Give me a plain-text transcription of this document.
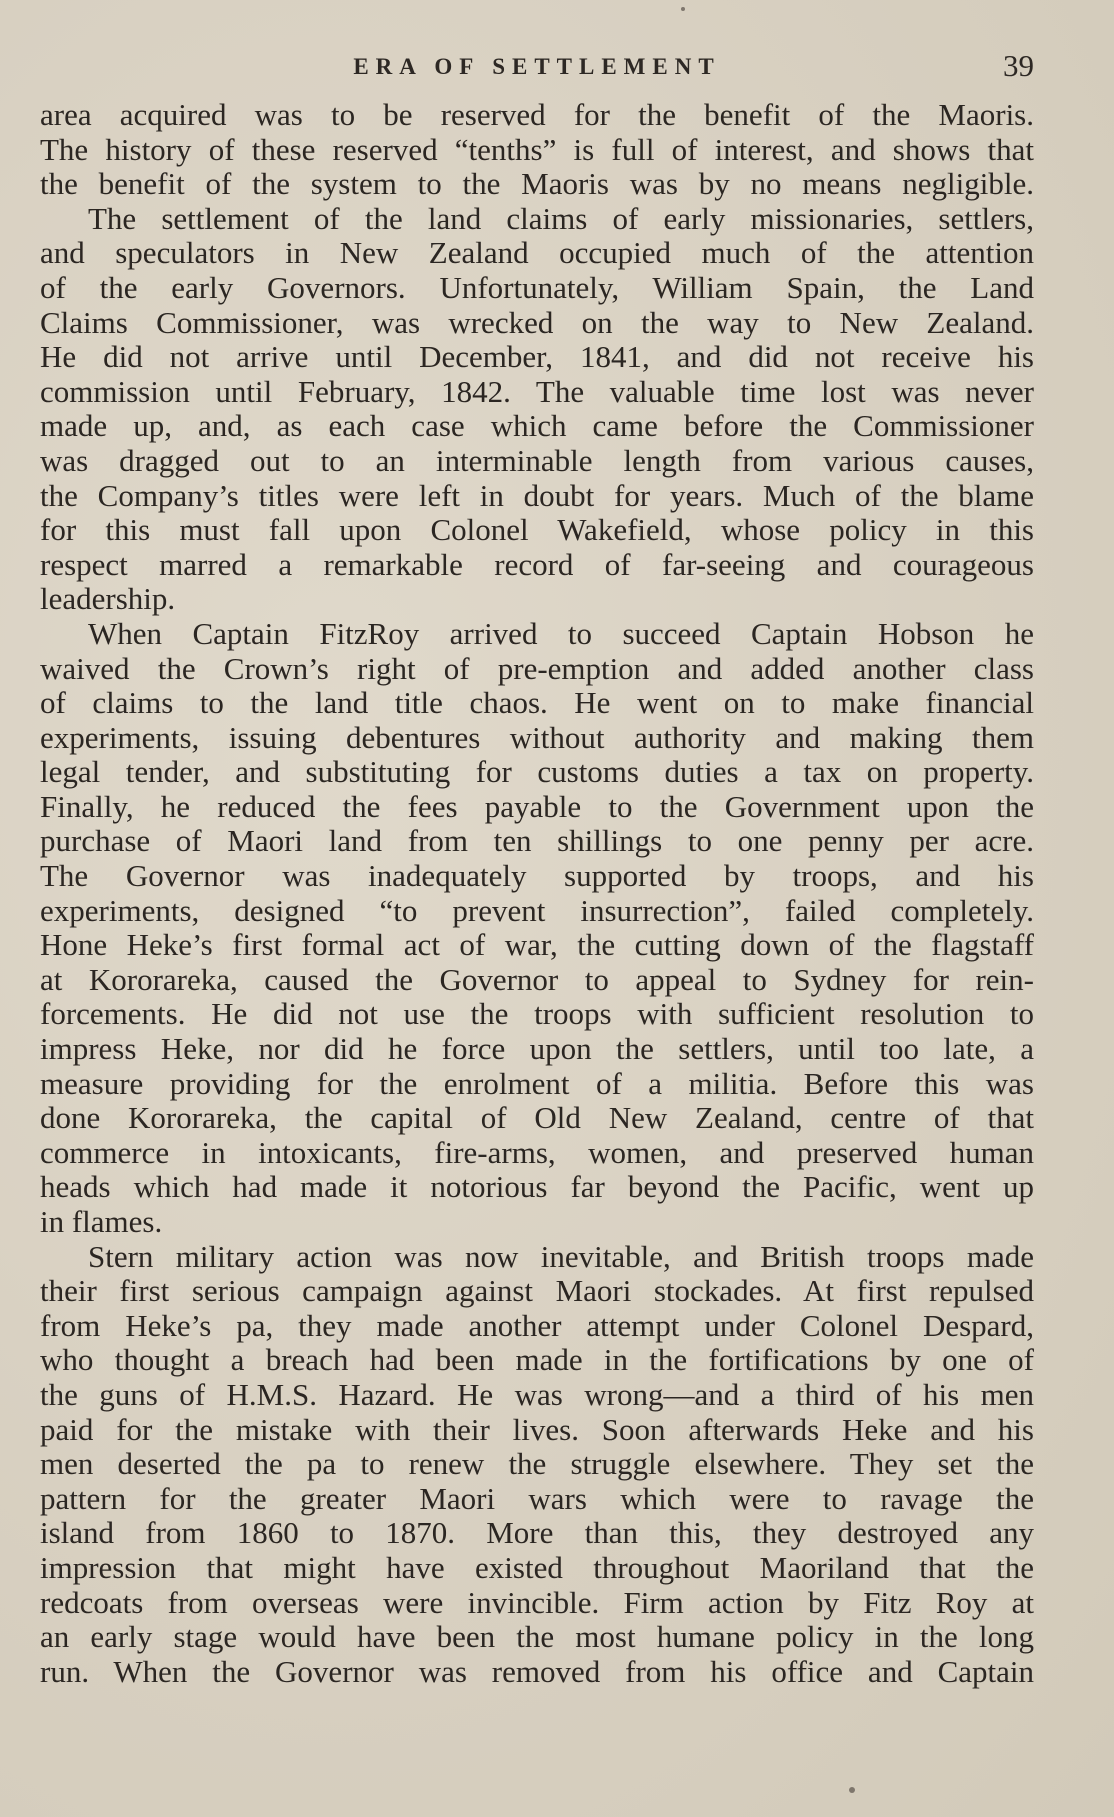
ERA OF SETTLEMENT	39
area acquired was to be reserved for the benefit of the Maoris.
The history of these reserved “tenths” is full of interest, and shows that
the benefit of the system to the Maoris was by no means negligible.
The settlement of the land claims of early missionaries, settlers,
and speculators in New Zealand occupied much of the attention
of the early Governors. Unfortunately, William Spain, the Land
Claims Commissioner, was wrecked on the way to New Zealand.
He did not arrive until December, 1841, and did not receive his
commission until February, 1842. The valuable time lost was never
made up, and, as each case which came before the Commissioner
was dragged out to an interminable length from various causes,
the Company’s titles were left in doubt for years. Much of the blame
for this must fall upon Colonel Wakefield, whose policy in this
respect marred a remarkable record of far-seeing and courageous
leadership.
When Captain FitzRoy arrived to succeed Captain Hobson he
waived the Crown’s right of pre-emption and added another class
of claims to the land title chaos. He went on to make financial
experiments, issuing debentures without authority and making them
legal tender, and substituting for customs duties a tax on property.
Finally, he reduced the fees payable to the Government upon the
purchase of Maori land from ten shillings to one penny per acre.
The Governor was inadequately supported by troops, and his
experiments, designed “to prevent insurrection”, failed completely.
Hone Heke’s first formal act of war, the cutting down of the flagstaff
at Kororareka, caused the Governor to appeal to Sydney for rein-
forcements. He did not use the troops with sufficient resolution to
impress Heke, nor did he force upon the settlers, until too late, a
measure providing for the enrolment of a militia. Before this was
done Kororareka, the capital of Old New Zealand, centre of that
commerce in intoxicants, fire-arms, women, and preserved human
heads which had made it notorious far beyond the Pacific, went up
in flames.
Stern military action was now inevitable, and British troops made
their first serious campaign against Maori stockades. At first repulsed
from Heke’s pa, they made another attempt under Colonel Despard,
who thought a breach had been made in the fortifications by one of
the guns of H.M.S. Hazard. He was wrong—and a third of his men
paid for the mistake with their lives. Soon afterwards Heke and his
men deserted the pa to renew the struggle elsewhere. They set the
pattern for the greater Maori wars which were to ravage the
island from 1860 to 1870. More than this, they destroyed any
impression that might have existed throughout Maoriland that the
redcoats from overseas were invincible. Firm action by Fitz Roy at
an early stage would have been the most humane policy in the long
run. When the Governor was removed from his office and Captain
